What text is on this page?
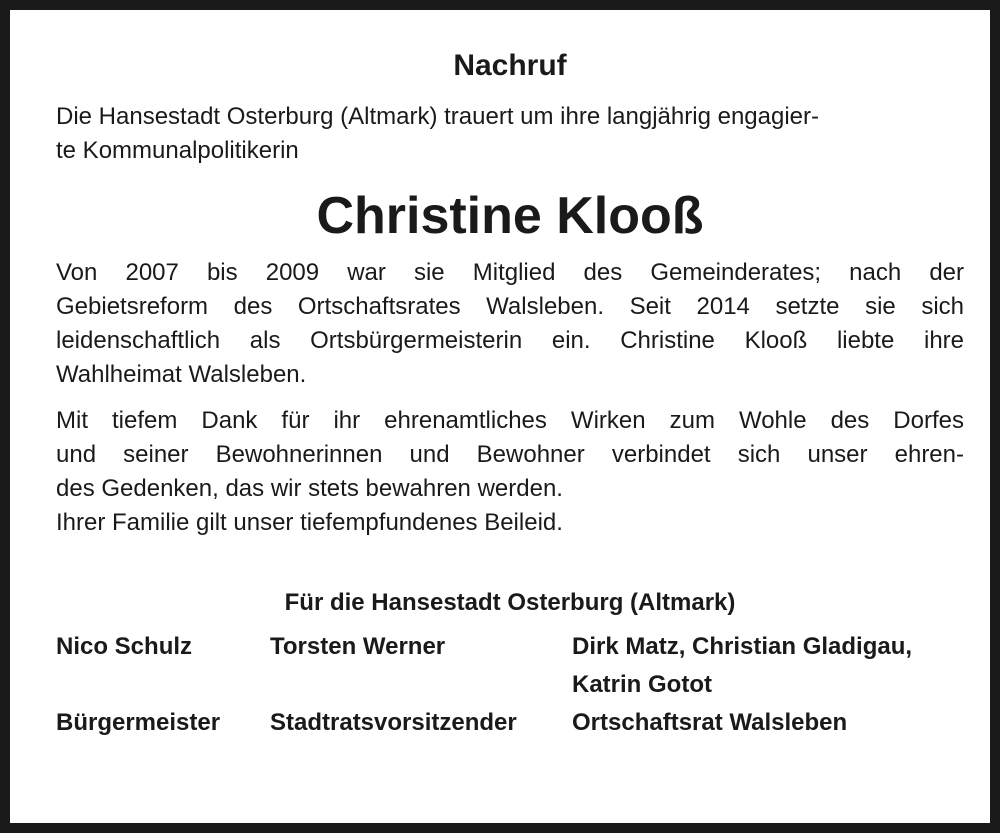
Nachruf

Die Hansestadt Osterburg (Altmark) trauert um ihre langjährig engagier-
te Kommunalpolitikerin

Christine Klooß

Von 2007 bis 2009 war sie Mitglied des Gemeinderates; nach der
Gebietsreform des Ortschaftsrates Walsleben. Seit 2014 setzte sie sich
leidenschaftlich als Ortsbürgermeisterin ein. Christine Klooß liebte ihre
Wahlheimat Walsleben.

Mit tiefem Dank für ihr ehrenamtliches Wirken zum Wohle des Dorfes
und seiner Bewohnerinnen und Bewohner verbindet sich unser ehren-
des Gedenken, das wir stets bewahren werden.
Ihrer Familie gilt unser tiefempfundenes Beileid.

Für die Hansestadt Osterburg (Altmark)
Nico Schulz	Torsten Werner	Dirk Matz, Christian Gladigau,
Katrin Gotot
Bürgermeister	Stadtratsvorsitzender	Ortschaftsrat Walsleben
